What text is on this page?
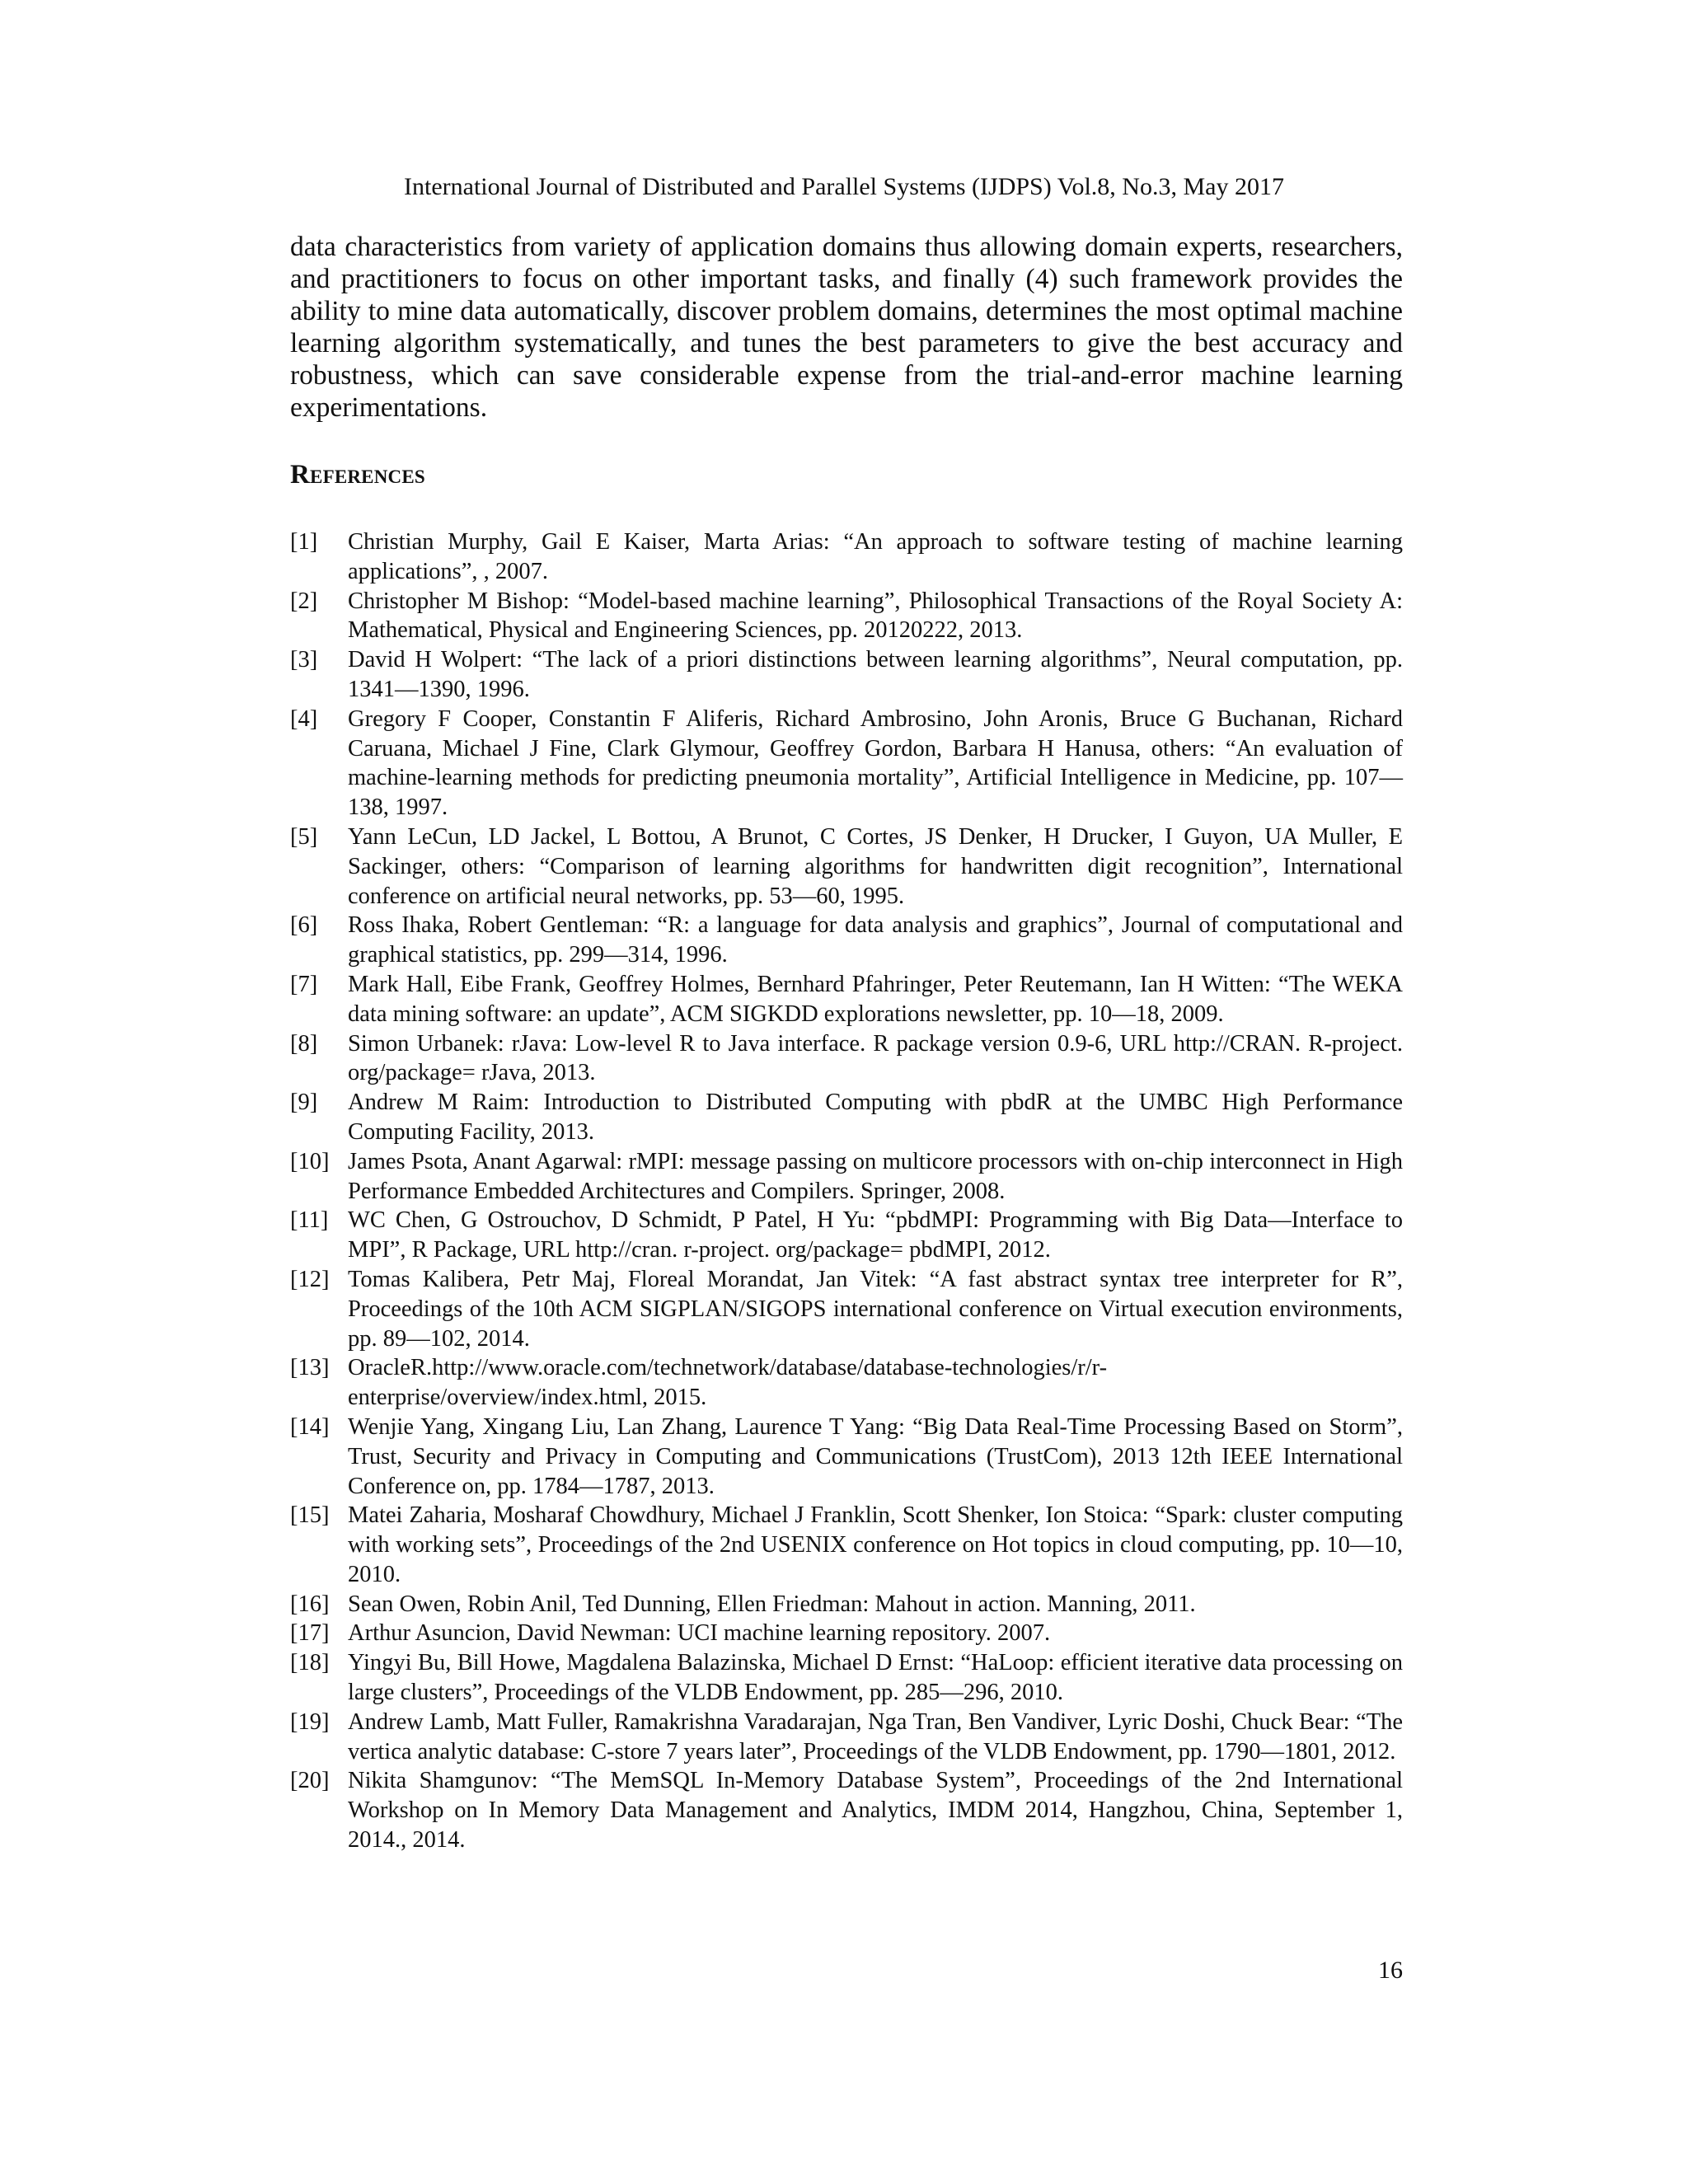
International Journal of Distributed and Parallel Systems (IJDPS) Vol.8, No.3, May 2017

data characteristics from variety of application domains thus allowing domain experts, researchers, and practitioners to focus on other important tasks, and finally (4) such framework provides the ability to mine data automatically, discover problem domains, determines the most optimal machine learning algorithm systematically, and tunes the best parameters to give the best accuracy and robustness, which can save considerable expense from the trial-and-error machine learning experimentations.

References
[1] Christian Murphy, Gail E Kaiser, Marta Arias: “An approach to software testing of machine learning applications”, , 2007.
[2] Christopher M Bishop: “Model-based machine learning”, Philosophical Transactions of the Royal Society A: Mathematical, Physical and Engineering Sciences, pp. 20120222, 2013.
[3] David H Wolpert: “The lack of a priori distinctions between learning algorithms”, Neural computation, pp. 1341—1390, 1996.
[4] Gregory F Cooper, Constantin F Aliferis, Richard Ambrosino, John Aronis, Bruce G Buchanan, Richard Caruana, Michael J Fine, Clark Glymour, Geoffrey Gordon, Barbara H Hanusa, others: “An evaluation of machine-learning methods for predicting pneumonia mortality”, Artificial Intelligence in Medicine, pp. 107—138, 1997.
[5] Yann LeCun, LD Jackel, L Bottou, A Brunot, C Cortes, JS Denker, H Drucker, I Guyon, UA Muller, E Sackinger, others: “Comparison of learning algorithms for handwritten digit recognition”, International conference on artificial neural networks, pp. 53—60, 1995.
[6] Ross Ihaka, Robert Gentleman: “R: a language for data analysis and graphics”, Journal of computational and graphical statistics, pp. 299—314, 1996.
[7] Mark Hall, Eibe Frank, Geoffrey Holmes, Bernhard Pfahringer, Peter Reutemann, Ian H Witten: “The WEKA data mining software: an update”, ACM SIGKDD explorations newsletter, pp. 10—18, 2009.
[8] Simon Urbanek: rJava: Low-level R to Java interface. R package version 0.9-6, URL http://CRAN. R-project. org/package= rJava, 2013.
[9] Andrew M Raim: Introduction to Distributed Computing with pbdR at the UMBC High Performance Computing Facility, 2013.
[10] James Psota, Anant Agarwal: rMPI: message passing on multicore processors with on-chip interconnect in High Performance Embedded Architectures and Compilers. Springer, 2008.
[11] WC Chen, G Ostrouchov, D Schmidt, P Patel, H Yu: “pbdMPI: Programming with Big Data—Interface to MPI”, R Package, URL http://cran. r-project. org/package= pbdMPI, 2012.
[12] Tomas Kalibera, Petr Maj, Floreal Morandat, Jan Vitek: “A fast abstract syntax tree interpreter for R”, Proceedings of the 10th ACM SIGPLAN/SIGOPS international conference on Virtual execution environments, pp. 89—102, 2014.
[13] OracleR.http://www.oracle.com/technetwork/database/database-technologies/r/r-enterprise/overview/index.html, 2015.
[14] Wenjie Yang, Xingang Liu, Lan Zhang, Laurence T Yang: “Big Data Real-Time Processing Based on Storm”, Trust, Security and Privacy in Computing and Communications (TrustCom), 2013 12th IEEE International Conference on, pp. 1784—1787, 2013.
[15] Matei Zaharia, Mosharaf Chowdhury, Michael J Franklin, Scott Shenker, Ion Stoica: “Spark: cluster computing with working sets”, Proceedings of the 2nd USENIX conference on Hot topics in cloud computing, pp. 10—10, 2010.
[16] Sean Owen, Robin Anil, Ted Dunning, Ellen Friedman: Mahout in action. Manning, 2011.
[17] Arthur Asuncion, David Newman: UCI machine learning repository. 2007.
[18] Yingyi Bu, Bill Howe, Magdalena Balazinska, Michael D Ernst: “HaLoop: efficient iterative data processing on large clusters”, Proceedings of the VLDB Endowment, pp. 285—296, 2010.
[19] Andrew Lamb, Matt Fuller, Ramakrishna Varadarajan, Nga Tran, Ben Vandiver, Lyric Doshi, Chuck Bear: “The vertica analytic database: C-store 7 years later”, Proceedings of the VLDB Endowment, pp. 1790—1801, 2012.
[20] Nikita Shamgunov: “The MemSQL In-Memory Database System”, Proceedings of the 2nd International Workshop on In Memory Data Management and Analytics, IMDM 2014, Hangzhou, China, September 1, 2014., 2014.
16
